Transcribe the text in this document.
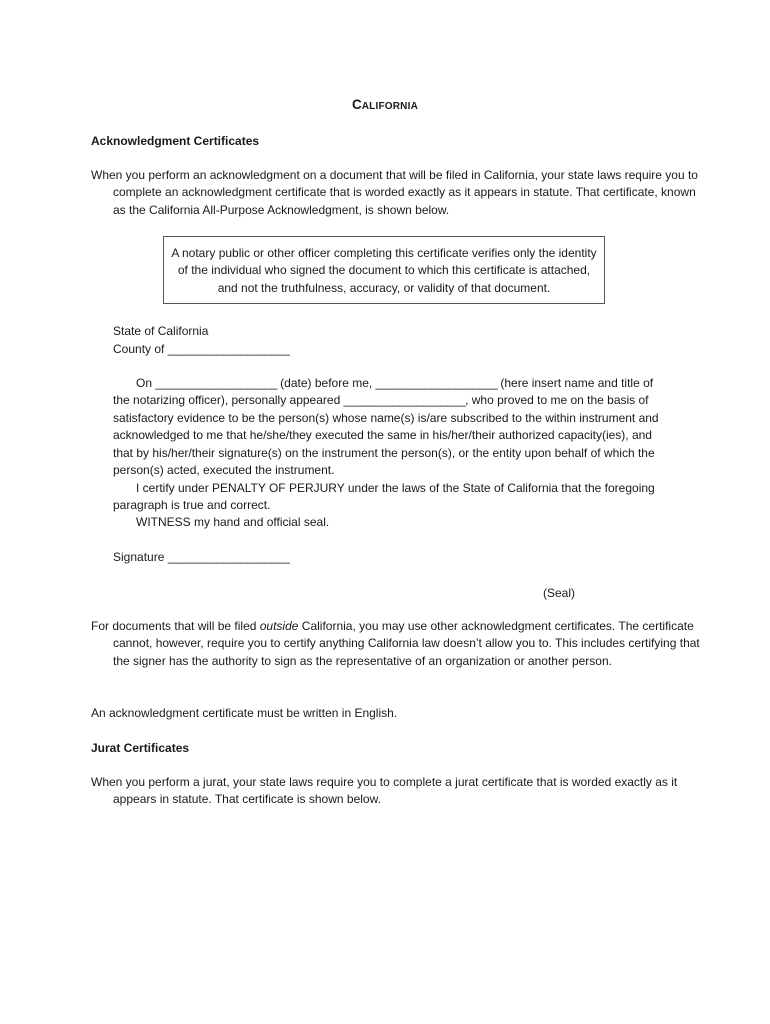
CALIFORNIA
Acknowledgment Certificates
When you perform an acknowledgment on a document that will be filed in California, your state laws require you to complete an acknowledgment certificate that is worded exactly as it appears in statute. That certificate, known as the California All-Purpose Acknowledgment, is shown below.
A notary public or other officer completing this certificate verifies only the identity of the individual who signed the document to which this certificate is attached, and not the truthfulness, accuracy, or validity of that document.
State of California
County of ____________________
On ____________________ (date) before me, ____________________ (here insert name and title of the notarizing officer), personally appeared ____________________, who proved to me on the basis of satisfactory evidence to be the person(s) whose name(s) is/are subscribed to the within instrument and acknowledged to me that he/she/they executed the same in his/her/their authorized capacity(ies), and that by his/her/their signature(s) on the instrument the person(s), or the entity upon behalf of which the person(s) acted, executed the instrument.
I certify under PENALTY OF PERJURY under the laws of the State of California that the foregoing paragraph is true and correct.
WITNESS my hand and official seal.
Signature ____________________
(Seal)
For documents that will be filed outside California, you may use other acknowledgment certificates. The certificate cannot, however, require you to certify anything California law doesn’t allow you to. This includes certifying that the signer has the authority to sign as the representative of an organization or another person.
An acknowledgment certificate must be written in English.
Jurat Certificates
When you perform a jurat, your state laws require you to complete a jurat certificate that is worded exactly as it appears in statute. That certificate is shown below.
